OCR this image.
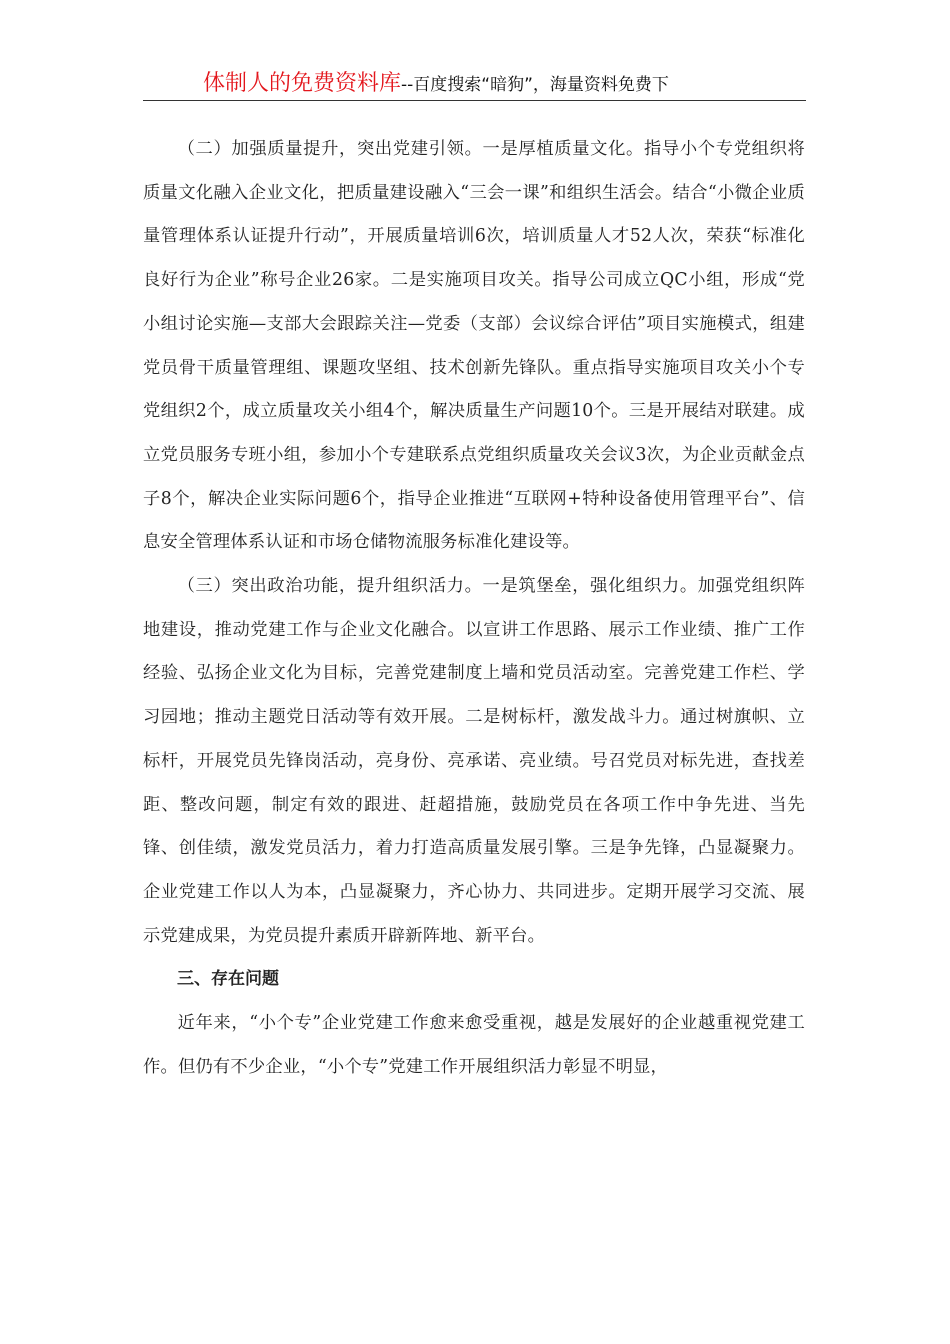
体制人的免费资料库--百度搜索“暗狗”，海量资料免费下

（二）加强质量提升，突出党建引领。一是厚植质量文化。指导小个专党组织将质量文化融入企业文化，把质量建设融入“三会一课”和组织生活会。结合“小微企业质量管理体系认证提升行动”，开展质量培训6次，培训质量人才52人次，荣获“标准化良好行为企业”称号企业26家。二是实施项目攻关。指导公司成立QC小组，形成“党小组讨论实施—支部大会跟踪关注—党委（支部）会议综合评估”项目实施模式，组建党员骨干质量管理组、课题攻坚组、技术创新先锋队。重点指导实施项目攻关小个专党组织2个，成立质量攻关小组4个，解决质量生产问题10个。三是开展结对联建。成立党员服务专班小组，参加小个专建联系点党组织质量攻关会议3次，为企业贡献金点子8个，解决企业实际问题6个，指导企业推进“互联网+特种设备使用管理平台”、信息安全管理体系认证和市场仓储物流服务标准化建设等。

（三）突出政治功能，提升组织活力。一是筑堡垒，强化组织力。加强党组织阵地建设，推动党建工作与企业文化融合。以宣讲工作思路、展示工作业绩、推广工作经验、弘扬企业文化为目标，完善党建制度上墙和党员活动室。完善党建工作栏、学习园地；推动主题党日活动等有效开展。二是树标杆，激发战斗力。通过树旗帜、立标杆，开展党员先锋岗活动，亮身份、亮承诺、亮业绩。号召党员对标先进，查找差距、整改问题，制定有效的跟进、赶超措施，鼓励党员在各项工作中争先进、当先锋、创佳绩，激发党员活力，着力打造高质量发展引擎。三是争先锋，凸显凝聚力。企业党建工作以人为本，凸显凝聚力，齐心协力、共同进步。定期开展学习交流、展示党建成果，为党员提升素质开辟新阵地、新平台。

三、存在问题

近年来，“小个专”企业党建工作愈来愈受重视，越是发展好的企业越重视党建工作。但仍有不少企业，“小个专”党建工作开展组织活力彰显不明显，
